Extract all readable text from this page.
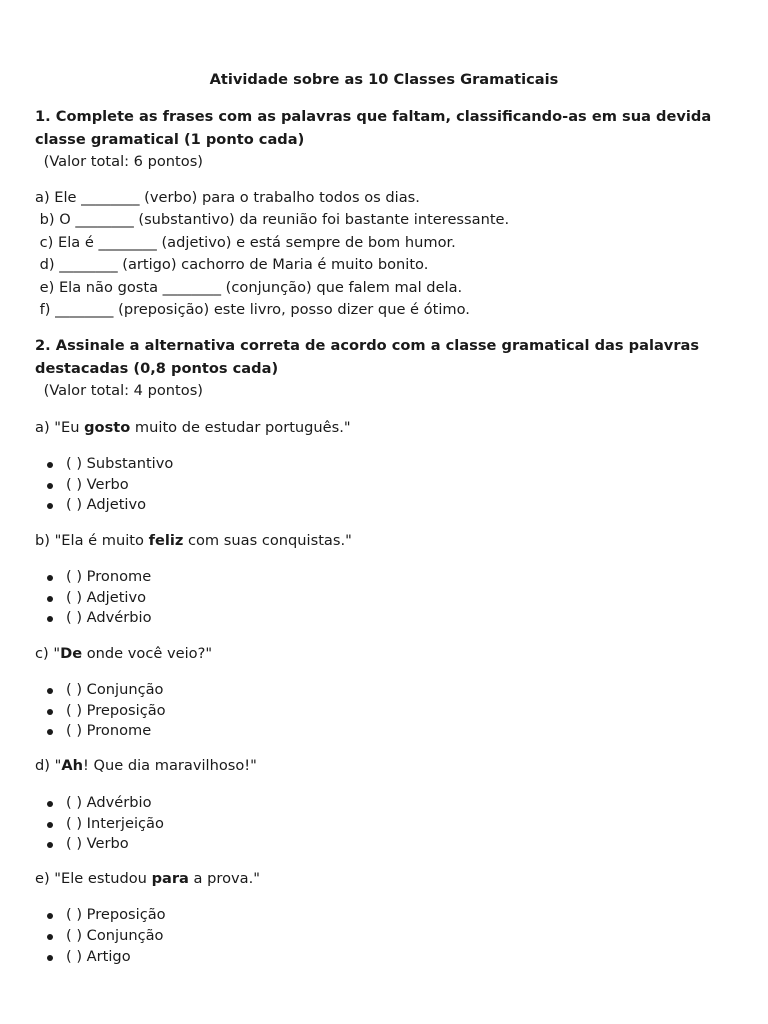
Atividade sobre as 10 Classes Gramaticais
1. Complete as frases com as palavras que faltam, classificando-as em sua devida classe gramatical (1 ponto cada)
(Valor total: 6 pontos)
a) Ele ________ (verbo) para o trabalho todos os dias.
b) O ________ (substantivo) da reunião foi bastante interessante.
c) Ela é ________ (adjetivo) e está sempre de bom humor.
d) ________ (artigo) cachorro de Maria é muito bonito.
e) Ela não gosta ________ (conjunção) que falem mal dela.
f) ________ (preposição) este livro, posso dizer que é ótimo.
2. Assinale a alternativa correta de acordo com a classe gramatical das palavras destacadas (0,8 pontos cada)
(Valor total: 4 pontos)
a) "Eu gosto muito de estudar português."
( ) Substantivo
( ) Verbo
( ) Adjetivo
b) "Ela é muito feliz com suas conquistas."
( ) Pronome
( ) Adjetivo
( ) Advérbio
c) "De onde você veio?"
( ) Conjunção
( ) Preposição
( ) Pronome
d) "Ah! Que dia maravilhoso!"
( ) Advérbio
( ) Interjeição
( ) Verbo
e) "Ele estudou para a prova."
( ) Preposição
( ) Conjunção
( ) Artigo
